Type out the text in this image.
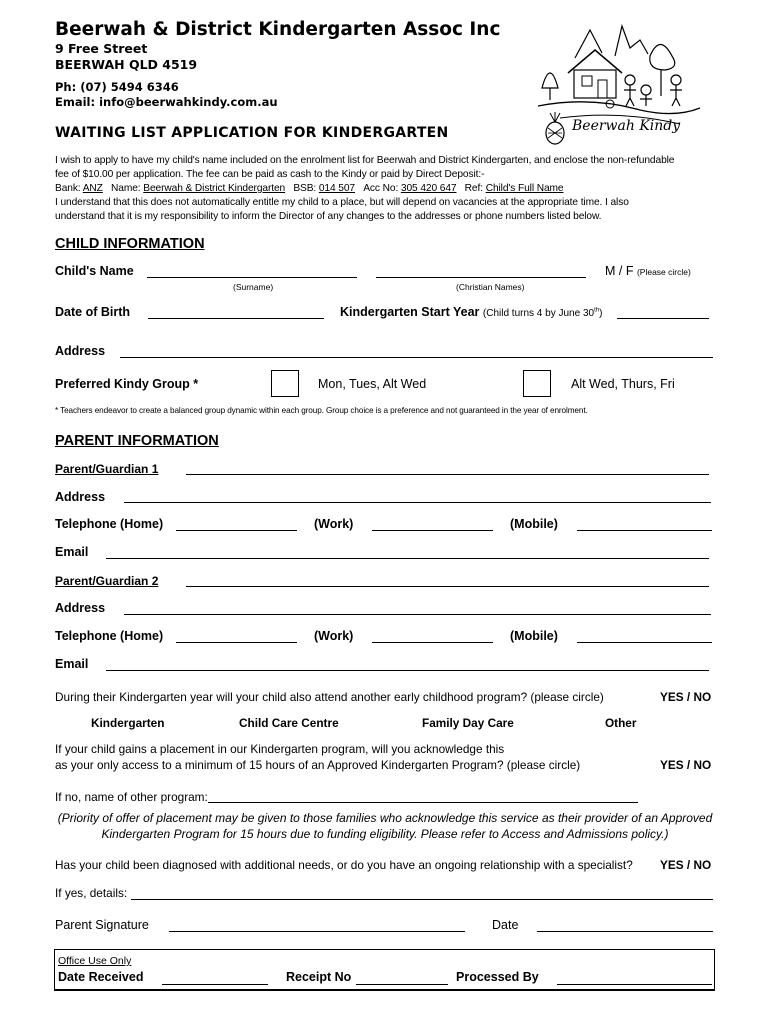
Beerwah & District Kindergarten Assoc Inc
9 Free Street
BEERWAH QLD 4519
Ph: (07) 5494 6346
Email: info@beerwahkindy.com.au
Beerwah Kindy
WAITING LIST APPLICATION FOR KINDERGARTEN
I wish to apply to have my child's name included on the enrolment list for Beerwah and District Kindergarten, and enclose the non-refundable
fee of $10.00 per application. The fee can be paid as cash to the Kindy or paid by Direct Deposit:-
Bank: ANZ Name: Beerwah & District Kindergarten BSB: 014 507 Acc No: 305 420 647 Ref: Child's Full Name
I understand that this does not automatically entitle my child to a place, but will depend on vacancies at the appropriate time. I also
understand that it is my responsibility to inform the Director of any changes to the addresses or phone numbers listed below.
CHILD INFORMATION
Child's Name
(Surname)	(Christian Names)
M / F (Please circle)
Date of Birth	Kindergarten Start Year (Child turns 4 by June 30th)
Address
Preferred Kindy Group *	Mon, Tues, Alt Wed	Alt Wed, Thurs, Fri
* Teachers endeavor to create a balanced group dynamic within each group. Group choice is a preference and not guaranteed in the year of enrolment.
PARENT INFORMATION
Parent/Guardian 1
Address
Telephone (Home)	(Work)	(Mobile)
Email
Parent/Guardian 2
Address
Telephone (Home)	(Work)	(Mobile)
Email
During their Kindergarten year will your child also attend another early childhood program? (please circle)	YES / NO
Kindergarten	Child Care Centre	Family Day Care	Other
If your child gains a placement in our Kindergarten program, will you acknowledge this
as your only access to a minimum of 15 hours of an Approved Kindergarten Program? (please circle)	YES / NO
If no, name of other program:
(Priority of offer of placement may be given to those families who acknowledge this service as their provider of an Approved
Kindergarten Program for 15 hours due to funding eligibility. Please refer to Access and Admissions policy.)
Has your child been diagnosed with additional needs, or do you have an ongoing relationship with a specialist? YES / NO
If yes, details:
Parent Signature	Date
Office Use Only
Date Received	Receipt No	Processed By
